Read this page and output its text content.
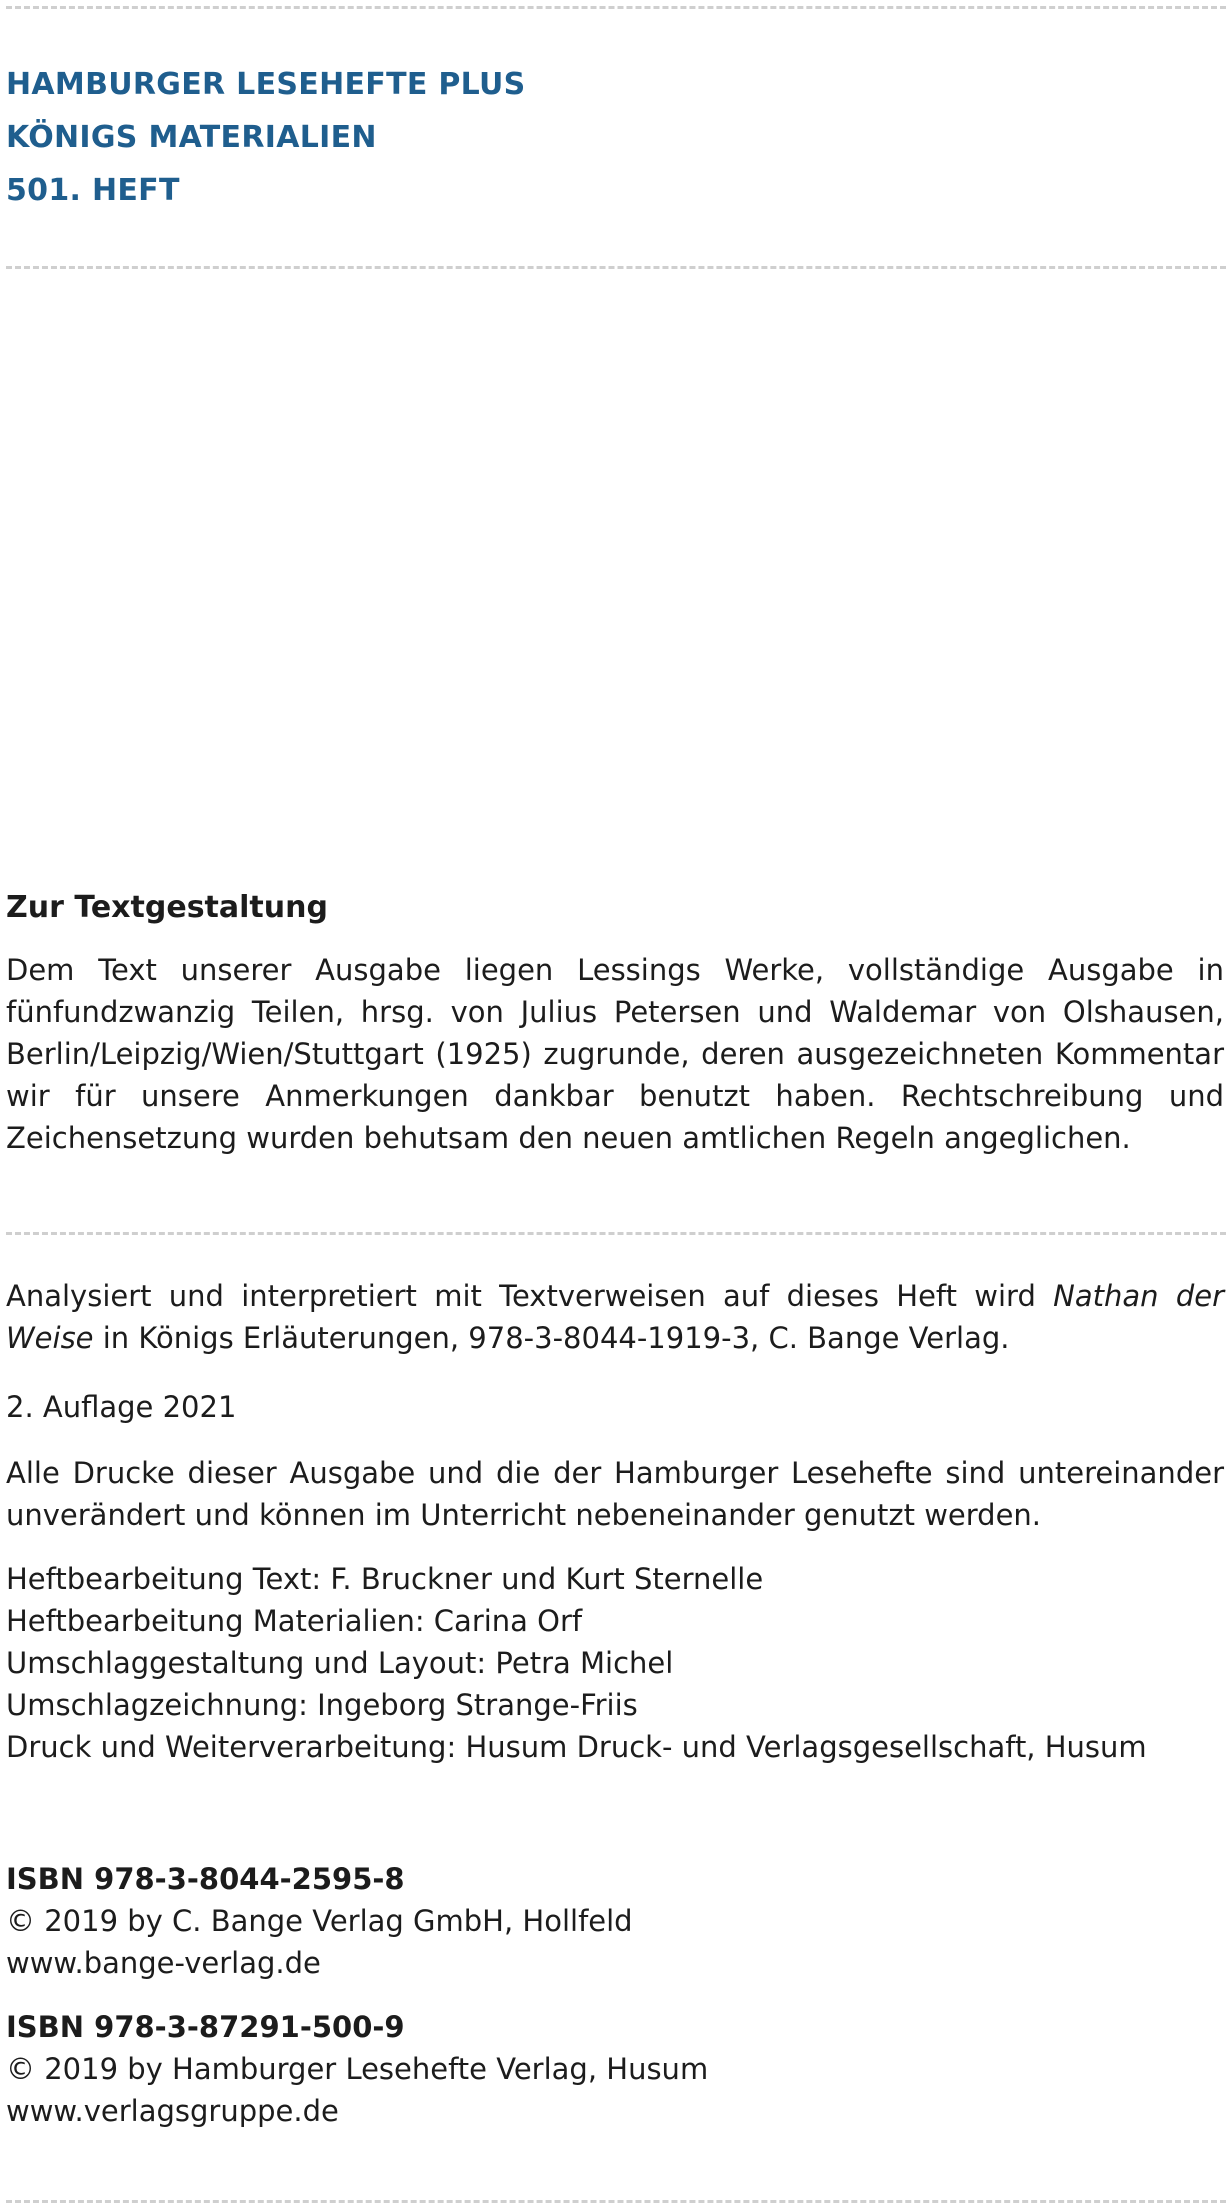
HAMBURGER LESEHEFTE PLUS
KÖNIGS MATERIALIEN
501. HEFT
Zur Textgestaltung
Dem Text unserer Ausgabe liegen Lessings Werke, vollständige Ausgabe in fünfundzwanzig Teilen, hrsg. von Julius Petersen und Waldemar von Olshausen, Berlin/Leipzig/Wien/Stuttgart (1925) zugrunde, deren ausgezeichneten Kommentar wir für unsere Anmerkungen dankbar benutzt haben. Rechtschreibung und Zeichensetzung wurden behutsam den neuen amtlichen Regeln angeglichen.
Analysiert und interpretiert mit Textverweisen auf dieses Heft wird Nathan der Weise in Königs Erläuterungen, 978-3-8044-1919-3, C. Bange Verlag.
2. Auflage 2021
Alle Drucke dieser Ausgabe und die der Hamburger Lesehefte sind untereinander unverändert und können im Unterricht nebeneinander genutzt werden.
Heftbearbeitung Text: F. Bruckner und Kurt Sternelle
Heftbearbeitung Materialien: Carina Orf
Umschlaggestaltung und Layout: Petra Michel
Umschlagzeichnung: Ingeborg Strange-Friis
Druck und Weiterverarbeitung: Husum Druck- und Verlagsgesellschaft, Husum
ISBN 978-3-8044-2595-8
© 2019 by C. Bange Verlag GmbH, Hollfeld
www.bange-verlag.de
ISBN 978-3-87291-500-9
© 2019 by Hamburger Lesehefte Verlag, Husum
www.verlagsgruppe.de
